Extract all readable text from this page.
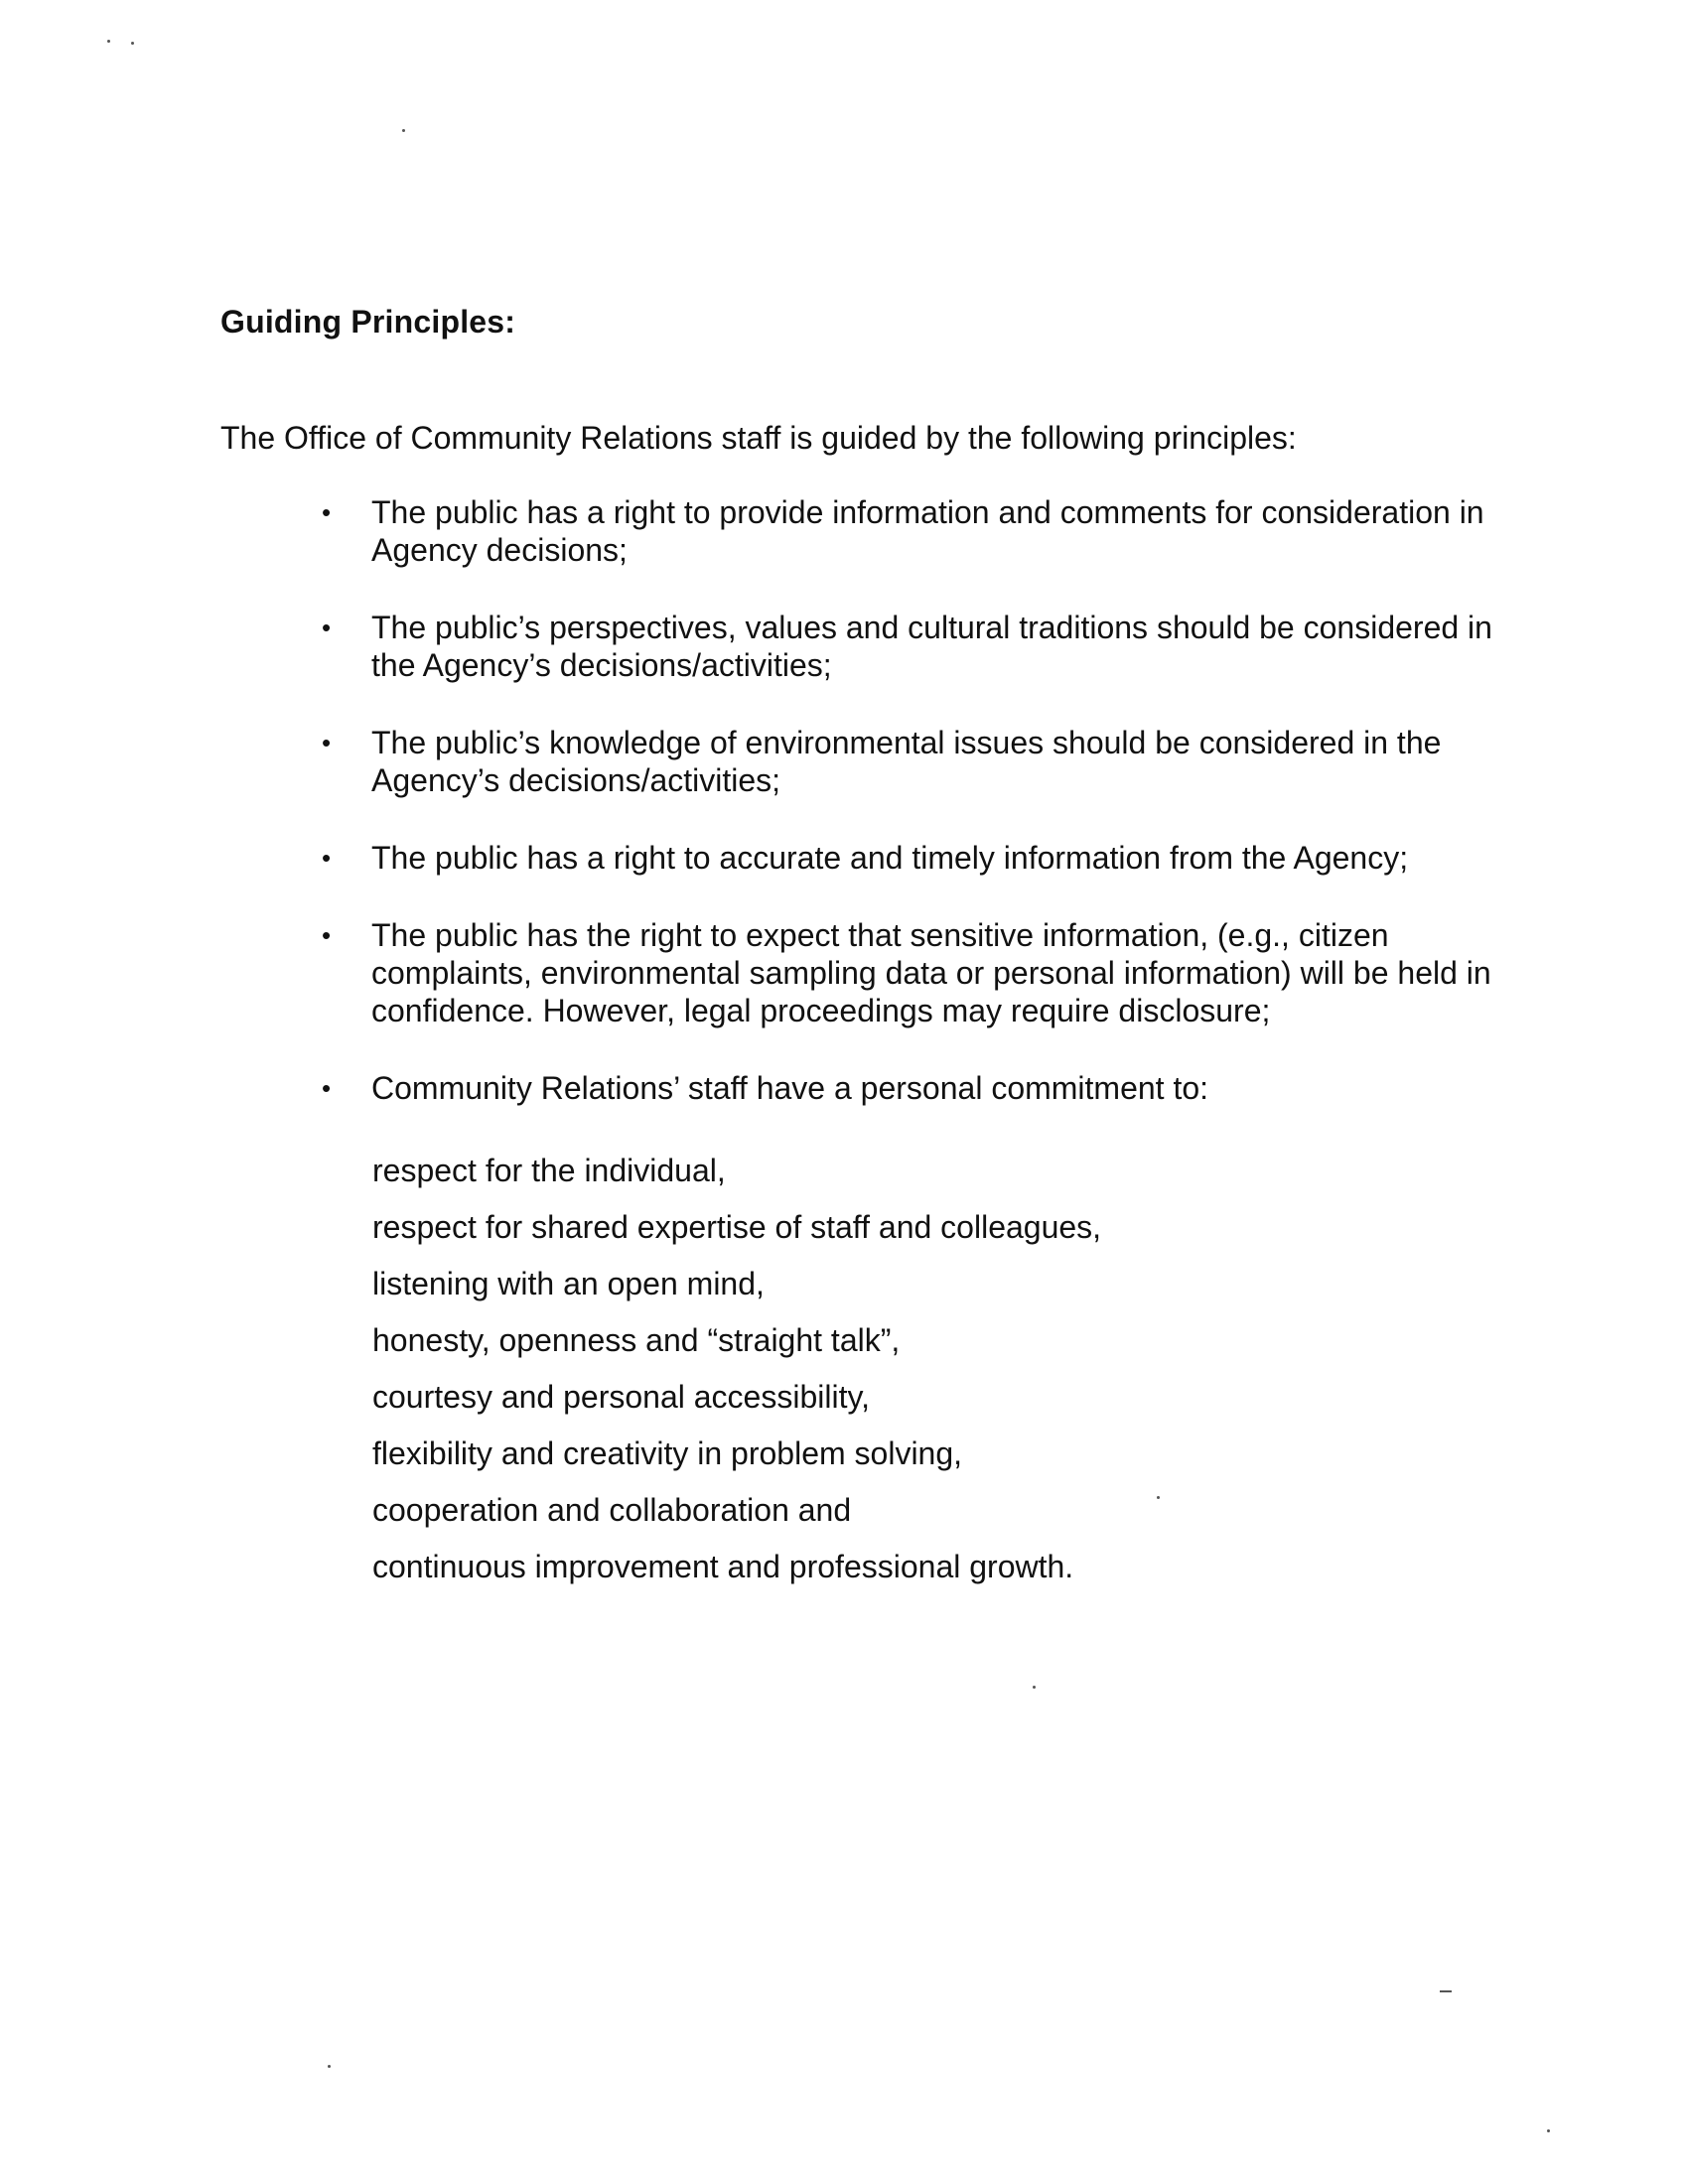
Guiding Principles:
The Office of Community Relations staff is guided by the following principles:
• The public has a right to provide information and comments for consideration in Agency decisions;
• The public’s perspectives, values and cultural traditions should be considered in the Agency’s decisions/activities;
• The public’s knowledge of environmental issues should be considered in the Agency’s decisions/activities;
• The public has a right to accurate and timely information from the Agency;
• The public has the right to expect that sensitive information, (e.g., citizen complaints, environmental sampling data or personal information) will be held in confidence. However, legal proceedings may require disclosure;
• Community Relations’ staff have a personal commitment to:
respect for the individual,
respect for shared expertise of staff and colleagues,
listening with an open mind,
honesty, openness and “straight talk”,
courtesy and personal accessibility,
flexibility and creativity in problem solving,
cooperation and collaboration and
continuous improvement and professional growth.
